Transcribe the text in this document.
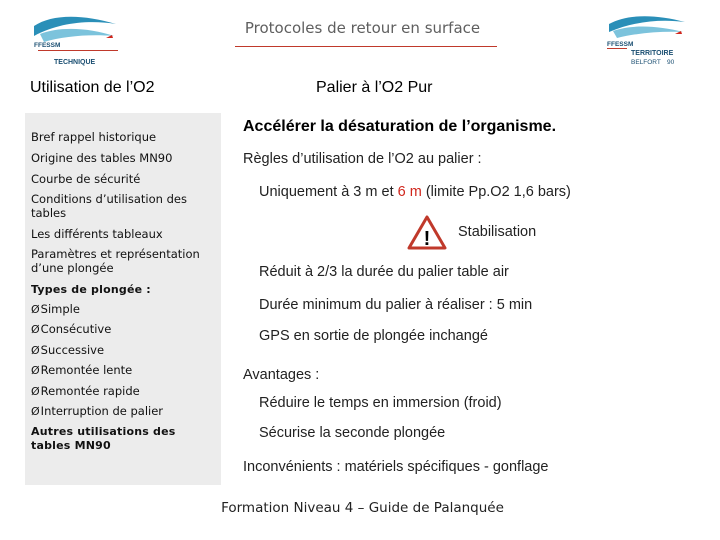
Protocoles de retour en surface
FFESSM
TECHNIQUE
FFESSM
TERRITOIRE
BELFORT 90
Utilisation de l’O2	Palier à l’O2 Pur
Bref rappel historique
Origine des tables MN90
Courbe de sécurité
Conditions d’utilisation des tables
Les différents tableaux
Paramètres et représentation d’une plongée
Types de plongée :
ØSimple
ØConsécutive
ØSuccessive
ØRemontée lente
ØRemontée rapide
ØInterruption de palier
Autres utilisations des tables MN90
Accélérer la désaturation de l’organisme.
Règles d’utilisation de l’O2 au palier :
Uniquement à 3 m et 6 m (limite Pp.O2 1,6 bars)
! Stabilisation
Réduit à 2/3 la durée du palier table air
Durée minimum du palier à réaliser : 5 min
GPS en sortie de plongée inchangé
Avantages :
Réduire le temps en immersion (froid)
Sécurise la seconde plongée
Inconvénients : matériels spécifiques - gonflage
Formation Niveau 4 – Guide de Palanquée
